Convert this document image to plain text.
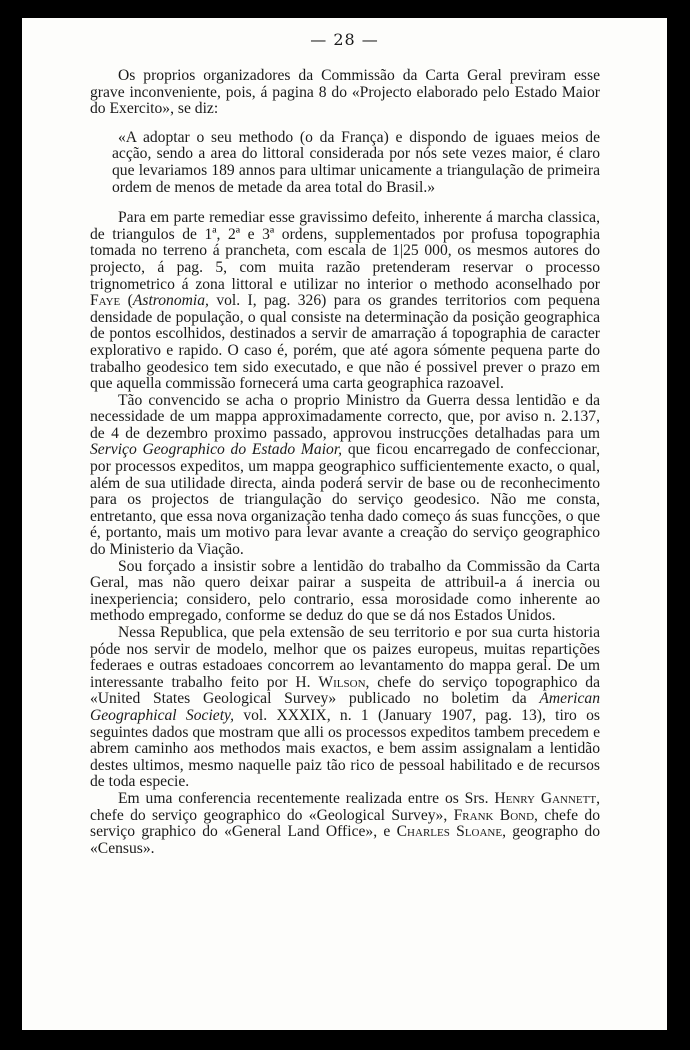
— 28 —

Os proprios organizadores da Commissão da Carta Geral previram esse grave inconveniente, pois, á pagina 8 do «Projecto elaborado pelo Estado Maior do Exercito», se diz:

«A adoptar o seu methodo (o da França) e dispondo de iguaes meios de acção, sendo a area do littoral considerada por nós sete vezes maior, é claro que levariamos 189 annos para ultimar unicamente a triangulação de primeira ordem de menos de metade da area total do Brasil.»

Para em parte remediar esse gravissimo defeito, inherente á marcha classica, de triangulos de 1ª, 2ª e 3ª ordens, supplementados por profusa topographia tomada no terreno á prancheta, com escala de 1|25 000, os mesmos autores do projecto, á pag. 5, com muita razão pretenderam reservar o processo trignometrico á zona littoral e utilizar no interior o methodo aconselhado por Faye (Astronomia, vol. I, pag. 326) para os grandes territorios com pequena densidade de população, o qual consiste na determinação da posição geographica de pontos escolhidos, destinados a servir de amarração á topographia de caracter explorativo e rapido. O caso é, porém, que até agora sómente pequena parte do trabalho geodesico tem sido executado, e que não é possivel prever o prazo em que aquella commissão fornecerá uma carta geographica razoavel.

Tão convencido se acha o proprio Ministro da Guerra dessa lentidão e da necessidade de um mappa approximadamente correcto, que, por aviso n. 2.137, de 4 de dezembro proximo passado, approvou instrucções detalhadas para um Serviço Geographico do Estado Maior, que ficou encarregado de confeccionar, por processos expeditos, um mappa geographico sufficientemente exacto, o qual, além de sua utilidade directa, ainda poderá servir de base ou de reconhecimento para os projectos de triangulação do serviço geodesico. Não me consta, entretanto, que essa nova organização tenha dado começo ás suas funcções, o que é, portanto, mais um motivo para levar avante a creação do serviço geographico do Ministerio da Viação.

Sou forçado a insistir sobre a lentidão do trabalho da Commissão da Carta Geral, mas não quero deixar pairar a suspeita de attribuil-a á inercia ou inexperiencia; considero, pelo contrario, essa morosidade como inherente ao methodo empregado, conforme se deduz do que se dá nos Estados Unidos.

Nessa Republica, que pela extensão de seu territorio e por sua curta historia póde nos servir de modelo, melhor que os paizes europeus, muitas repartições federaes e outras estadoaes concorrem ao levantamento do mappa geral. De um interessante trabalho feito por H. Wilson, chefe do serviço topographico da «United States Geological Survey» publicado no boletim da American Geographical Society, vol. XXXIX, n. 1 (January 1907, pag. 13), tiro os seguintes dados que mostram que alli os processos expeditos tambem precedem e abrem caminho aos methodos mais exactos, e bem assim assignalam a lentidão destes ultimos, mesmo naquelle paiz tão rico de pessoal habilitado e de recursos de toda especie.

Em uma conferencia recentemente realizada entre os Srs. Henry Gannett, chefe do serviço geographico do «Geological Survey», Frank Bond, chefe do serviço graphico do «General Land Office», e Charles Sloane, geographo do «Census».
